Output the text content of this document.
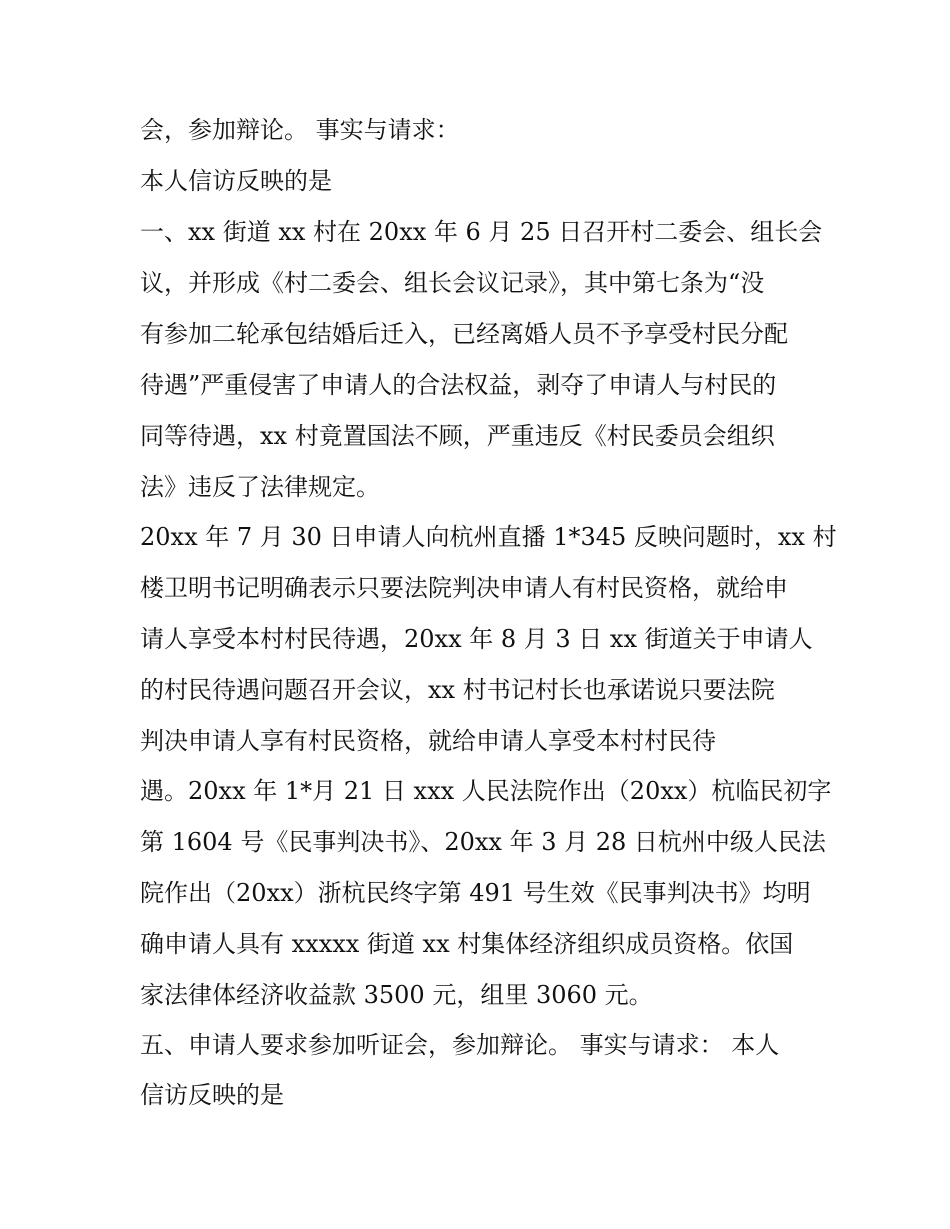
会，参加辩论。 事实与请求：
本人信访反映的是
一、xx 街道 xx 村在 20xx 年 6 月 25 日召开村二委会、组长会
议，并形成《村二委会、组长会议记录》，其中第七条为“没
有参加二轮承包结婚后迁入，已经离婚人员不予享受村民分配
待遇”严重侵害了申请人的合法权益，剥夺了申请人与村民的
同等待遇，xx 村竟置国法不顾，严重违反《村民委员会组织
法》违反了法律规定。
20xx 年 7 月 30 日申请人向杭州直播 1*345 反映问题时，xx 村
楼卫明书记明确表示只要法院判决申请人有村民资格，就给申
请人享受本村村民待遇，20xx 年 8 月 3 日 xx 街道关于申请人
的村民待遇问题召开会议，xx 村书记村长也承诺说只要法院
判决申请人享有村民资格，就给申请人享受本村村民待
遇。20xx 年 1*月 21 日 xxx 人民法院作出（20xx）杭临民初字
第 1604 号《民事判决书》、20xx 年 3 月 28 日杭州中级人民法
院作出（20xx）浙杭民终字第 491 号生效《民事判决书》均明
确申请人具有 xxxxx 街道 xx 村集体经济组织成员资格。依国
家法律体经济收益款 3500 元，组里 3060 元。
五、申请人要求参加听证会，参加辩论。 事实与请求： 本人
信访反映的是
